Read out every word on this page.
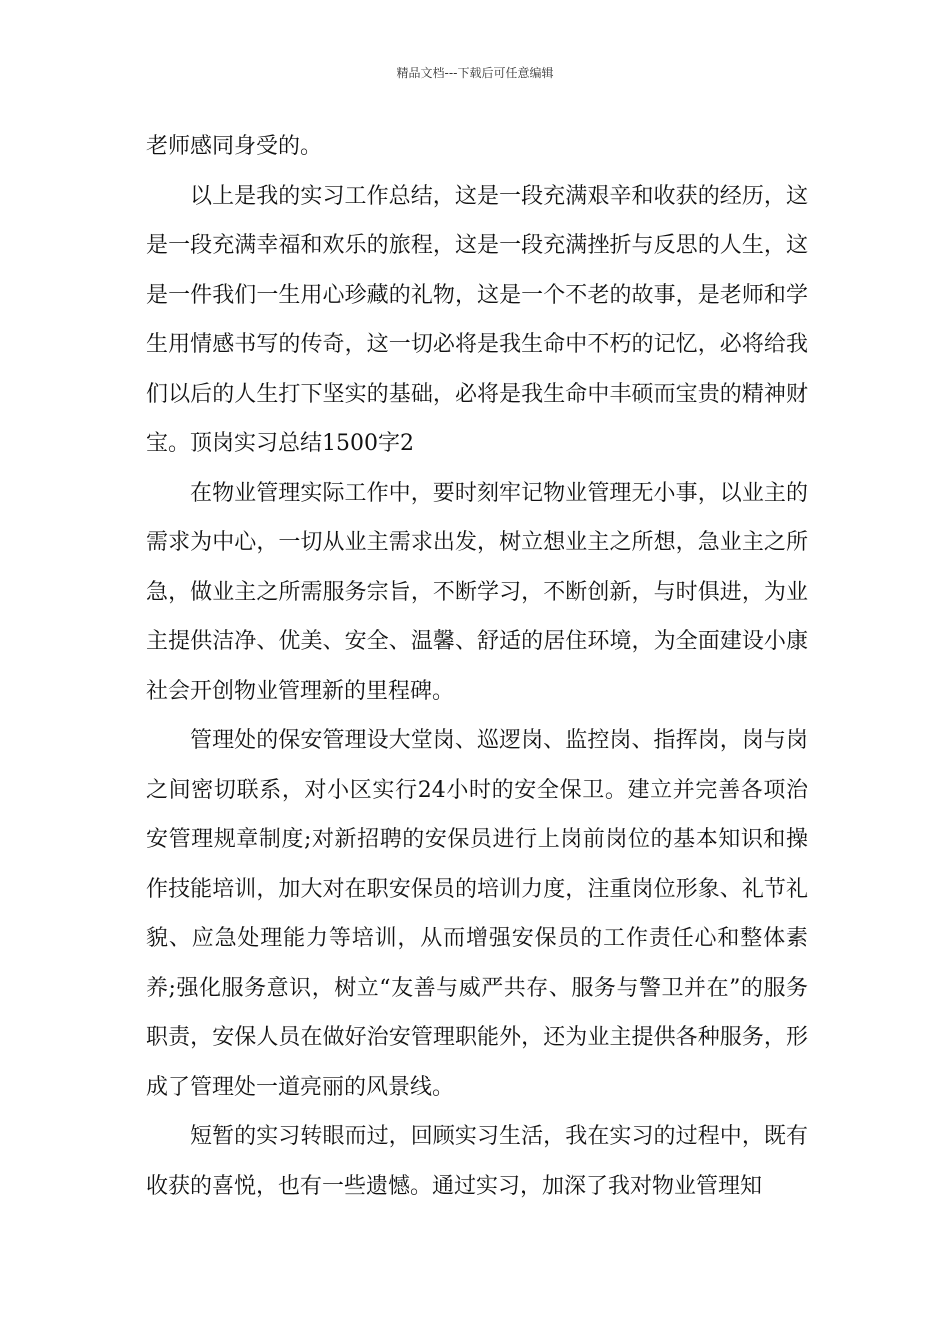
精品文档---下载后可任意编辑

老师感同身受的。

以上是我的实习工作总结，这是一段充满艰辛和收获的经历，这是一段充满幸福和欢乐的旅程，这是一段充满挫折与反思的人生，这是一件我们一生用心珍藏的礼物，这是一个不老的故事，是老师和学生用情感书写的传奇，这一切必将是我生命中不朽的记忆，必将给我们以后的人生打下坚实的基础，必将是我生命中丰硕而宝贵的精神财宝。顶岗实习总结1500字2

在物业管理实际工作中，要时刻牢记物业管理无小事，以业主的需求为中心，一切从业主需求出发，树立想业主之所想，急业主之所急，做业主之所需服务宗旨，不断学习，不断创新，与时俱进，为业主提供洁净、优美、安全、温馨、舒适的居住环境，为全面建设小康社会开创物业管理新的里程碑。

管理处的保安管理设大堂岗、巡逻岗、监控岗、指挥岗，岗与岗之间密切联系，对小区实行24小时的安全保卫。建立并完善各项治安管理规章制度;对新招聘的安保员进行上岗前岗位的基本知识和操作技能培训，加大对在职安保员的培训力度，注重岗位形象、礼节礼貌、应急处理能力等培训，从而增强安保员的工作责任心和整体素养;强化服务意识，树立“友善与威严共存、服务与警卫并在”的服务职责，安保人员在做好治安管理职能外，还为业主提供各种服务，形成了管理处一道亮丽的风景线。

短暂的实习转眼而过，回顾实习生活，我在实习的过程中，既有收获的喜悦，也有一些遗憾。通过实习，加深了我对物业管理知
